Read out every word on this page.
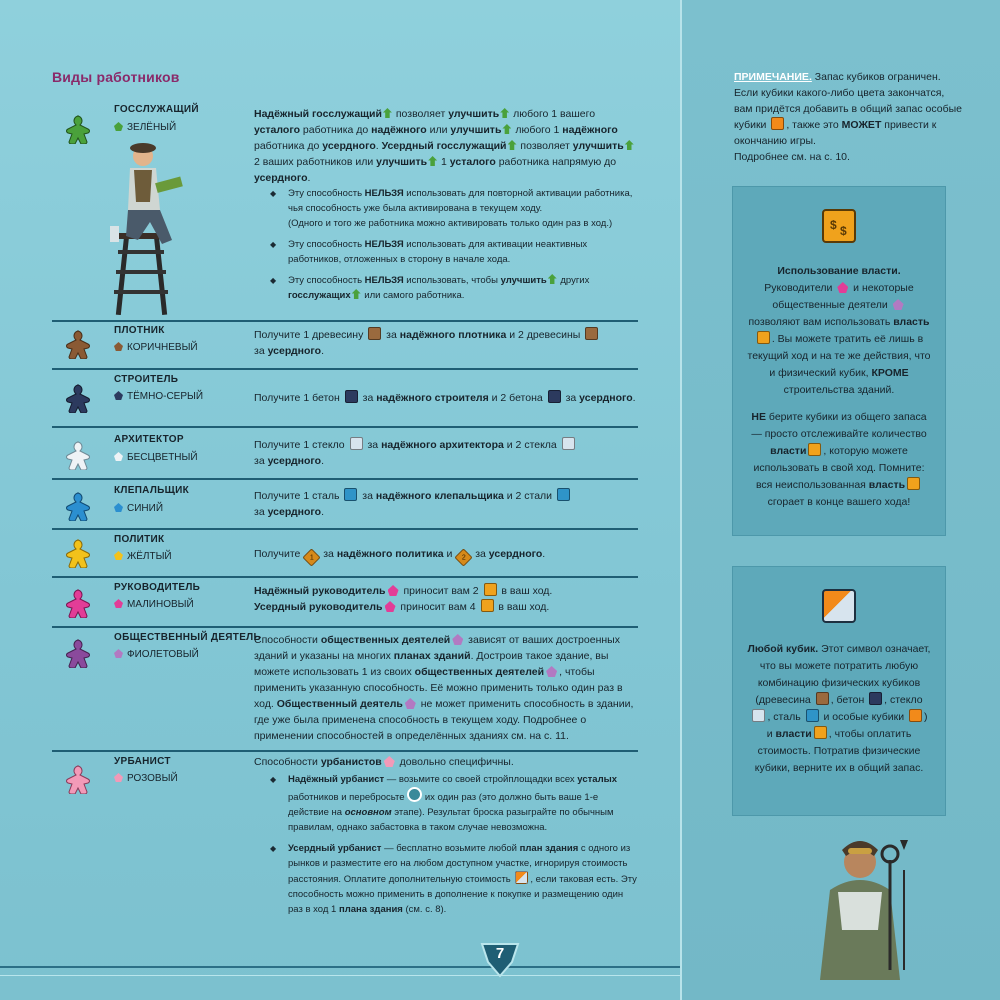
Виды работников
ГОССЛУЖАЩИЙ
ЗЕЛЁНЫЙ
Надёжный госслужащий позволяет улучшить любого 1 вашего усталого работника до надёжного или улучшить любого 1 надёжного работника до усердного. Усердный госслужащий позволяет улучшить 2 ваших работников или улучшить 1 усталого работника напрямую до усердного.
◆ Эту способность НЕЛЬЗЯ использовать для повторной активации работника, чья способность уже была активирована в текущем ходу.
(Одного и того же работника можно активировать только один раз в ход.)
◆ Эту способность НЕЛЬЗЯ использовать для активации неактивных работников, отложенных в сторону в начале хода.
◆ Эту способность НЕЛЬЗЯ использовать, чтобы улучшить других госслужащих или самого работника.
ПЛОТНИК
КОРИЧНЕВЫЙ
Получите 1 древесину  за надёжного плотника и 2 древесины
за усердного.
СТРОИТЕЛЬ
ТЁМНО-СЕРЫЙ	Получите 1 бетон  за надёжного строителя и 2 бетона  за усердного.
АРХИТЕКТОР
БЕСЦВЕТНЫЙ
Получите 1 стекло  за надёжного архитектора и 2 стекла
за усердного.
КЛЕПАЛЬЩИК
СИНИЙ
Получите 1 сталь  за надёжного клепальщика и 2 стали
за усердного.
ПОЛИТИК
ЖЁЛТЫЙ	Получите 1 за надёжного политика и 2 за усердного.
РУКОВОДИТЕЛЬ
МАЛИНОВЫЙ
Надёжный руководитель приносит вам 2  в ваш ход.
Усердный руководитель приносит вам 4  в ваш ход.
ОБЩЕСТВЕННЫЙ ДЕЯТЕЛЬ
ФИОЛЕТОВЫЙ
Способности общественных деятелей зависят от ваших достроенных зданий и указаны на многих планах зданий. Достроив такое здание, вы можете использовать 1 из своих общественных деятелей , чтобы применить указанную способность. Её можно применить только один раз в ход. Общественный деятель не может применить способность в здании, где уже была применена способность в текущем ходу. Подробнее о применении способностей в определённых зданиях см. на с. 11.
УРБАНИСТ
РОЗОВЫЙ
Способности урбанистов довольно специфичны.
◆ Надёжный урбанист — возьмите со своей стройплощадки всех усталых работников и перебросьте  их один раз (это должно быть ваше 1-е действие на основном этапе). Результат броска разыграйте по обычным правилам, однако забастовка в таком случае невозможна.
◆ Усердный урбанист — бесплатно возьмите любой план здания с одного из рынков и разместите его на любом доступном участке, игнорируя стоимость расстояния. Оплатите дополнительную стоимость , если таковая есть. Эту способность можно применить в дополнение к покупке и размещению один раз в ход 1 плана здания (см. с. 8).
7
ПРИМЕЧАНИЕ. Запас кубиков ограничен. Если кубики какого-либо цвета закончатся, вам придётся добавить в общий запас особые кубики , также это МОЖЕТ привести к окончанию игры.
Подробнее см. на с. 10.
$ $

Использование власти.
Руководители  и некоторые общественные деятели  позволяют вам использовать власть. Вы можете тратить её лишь в текущий ход и на те же действия, что и физический кубик, КРОМЕ строительства зданий.

НЕ берите кубики из общего запаса — просто отслеживайте количество власти , которую можете использовать в свой ход. Помните: вся неиспользованная власть сгорает в конце вашего хода!

Любой кубик. Этот символ означает, что вы можете потратить любую комбинацию физических кубиков (древесина , бетон , стекло , сталь  и особые кубики ) и власти , чтобы оплатить стоимость. Потратив физические кубики, верните их в общий запас.
